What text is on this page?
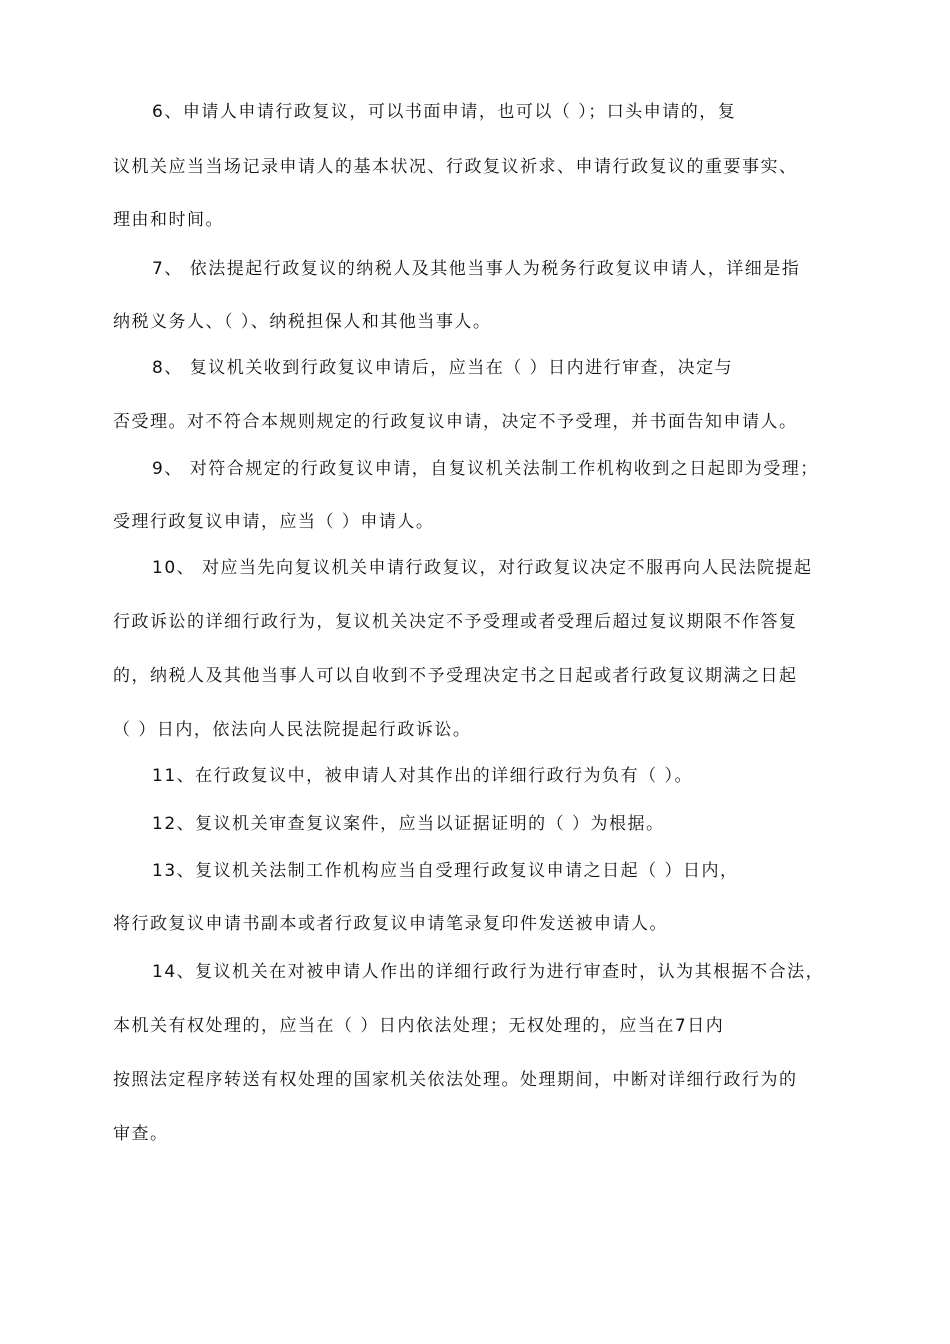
6、申请人申请行政复议，可以书面申请，也可以（ ）；口头申请的，复
议机关应当当场记录申请人的基本状况、行政复议祈求、申请行政复议的重要事实、
理由和时间。
7、 依法提起行政复议的纳税人及其他当事人为税务行政复议申请人，详细是指
纳税义务人、（ ）、纳税担保人和其他当事人。
8、 复议机关收到行政复议申请后，应当在（ ）日内进行审查，决定与
否受理。对不符合本规则规定的行政复议申请，决定不予受理，并书面告知申请人。
9、 对符合规定的行政复议申请，自复议机关法制工作机构收到之日起即为受理；
受理行政复议申请，应当（ ）申请人。
10、 对应当先向复议机关申请行政复议，对行政复议决定不服再向人民法院提起
行政诉讼的详细行政行为，复议机关决定不予受理或者受理后超过复议期限不作答复
的，纳税人及其他当事人可以自收到不予受理决定书之日起或者行政复议期满之日起
（ ）日内，依法向人民法院提起行政诉讼。
11、在行政复议中，被申请人对其作出的详细行政行为负有（ ）。
12、复议机关审查复议案件，应当以证据证明的（ ）为根据。
13、复议机关法制工作机构应当自受理行政复议申请之日起（ ）日内，
将行政复议申请书副本或者行政复议申请笔录复印件发送被申请人。
14、复议机关在对被申请人作出的详细行政行为进行审查时，认为其根据不合法，
本机关有权处理的，应当在（ ）日内依法处理；无权处理的，应当在7日内
按照法定程序转送有权处理的国家机关依法处理。处理期间，中断对详细行政行为的
审查。
